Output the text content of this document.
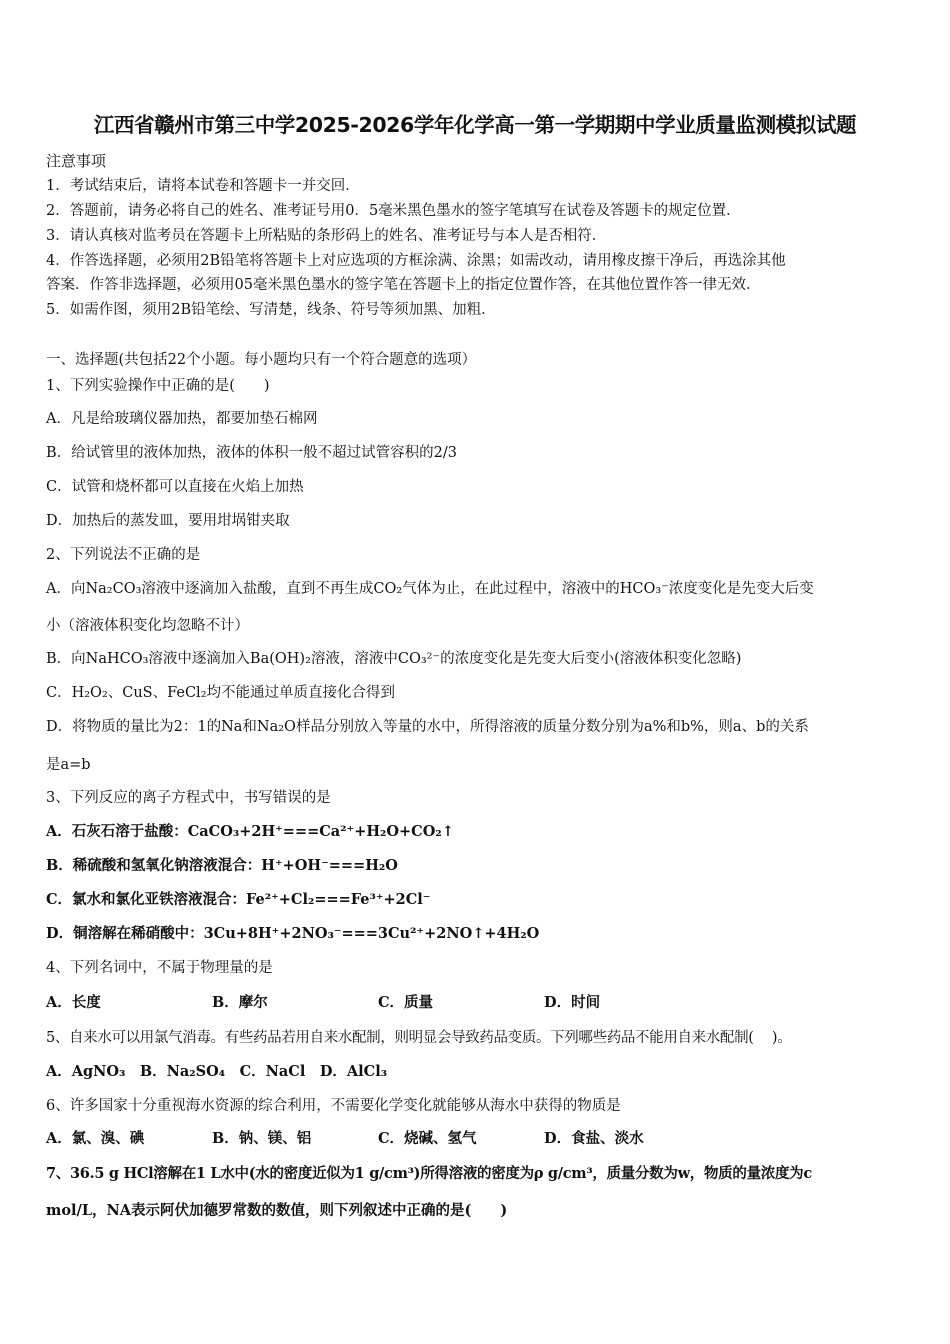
江西省赣州市第三中学2025-2026学年化学高一第一学期期中学业质量监测模拟试题
注意事项
1．考试结束后，请将本试卷和答题卡一并交回．
2．答题前，请务必将自己的姓名、准考证号用0．5毫米黑色墨水的签字笔填写在试卷及答题卡的规定位置．
3．请认真核对监考员在答题卡上所粘贴的条形码上的姓名、准考证号与本人是否相符．
4．作答选择题，必须用2B铅笔将答题卡上对应选项的方框涂满、涂黑；如需改动，请用橡皮擦干净后，再选涂其他
答案．作答非选择题，必须用05毫米黑色墨水的签字笔在答题卡上的指定位置作答，在其他位置作答一律无效．
5．如需作图，须用2B铅笔绘、写清楚，线条、符号等须加黑、加粗．
一、选择题(共包括22个小题。每小题均只有一个符合题意的选项）
1、下列实验操作中正确的是(　　)
A．凡是给玻璃仪器加热，都要加垫石棉网
B．给试管里的液体加热，液体的体积一般不超过试管容积的2/3
C．试管和烧杯都可以直接在火焰上加热
D．加热后的蒸发皿，要用坩埚钳夹取
2、下列说法不正确的是
A．向Na₂CO₃溶液中逐滴加入盐酸，直到不再生成CO₂气体为止，在此过程中，溶液中的HCO₃⁻浓度变化是先变大后变
小（溶液体积变化均忽略不计）
B．向NaHCO₃溶液中逐滴加入Ba(OH)₂溶液，溶液中CO₃²⁻的浓度变化是先变大后变小(溶液体积变化忽略)
C．H₂O₂、CuS、FeCl₂均不能通过单质直接化合得到
D．将物质的量比为2：1的Na和Na₂O样品分别放入等量的水中，所得溶液的质量分数分别为a%和b%，则a、b的关系
是a=b
3、下列反应的离子方程式中，书写错误的是
A．石灰石溶于盐酸：CaCO₃+2H⁺===Ca²⁺+H₂O+CO₂↑
B．稀硫酸和氢氧化钠溶液混合：H⁺+OH⁻===H₂O
C．氯水和氯化亚铁溶液混合：Fe²⁺+Cl₂===Fe³⁺+2Cl⁻
D．铜溶解在稀硝酸中：3Cu+8H⁺+2NO₃⁻===3Cu²⁺+2NO↑+4H₂O
4、下列名词中，不属于物理量的是
A．长度	B．摩尔	C．质量	D．时间
5、自来水可以用氯气消毒。有些药品若用自来水配制，则明显会导致药品变质。下列哪些药品不能用自来水配制(　 )。
A．AgNO₃　B．Na₂SO₄　C．NaCl　D．AlCl₃
6、许多国家十分重视海水资源的综合利用，不需要化学变化就能够从海水中获得的物质是
A．氯、溴、碘	B．钠、镁、铝	C．烧碱、氢气	D．食盐、淡水
7、36.5 g HCl溶解在1 L水中(水的密度近似为1 g/cm³)所得溶液的密度为ρ g/cm³，质量分数为w，物质的量浓度为c
mol/L，NA表示阿伏加德罗常数的数值，则下列叙述中正确的是(　　)
